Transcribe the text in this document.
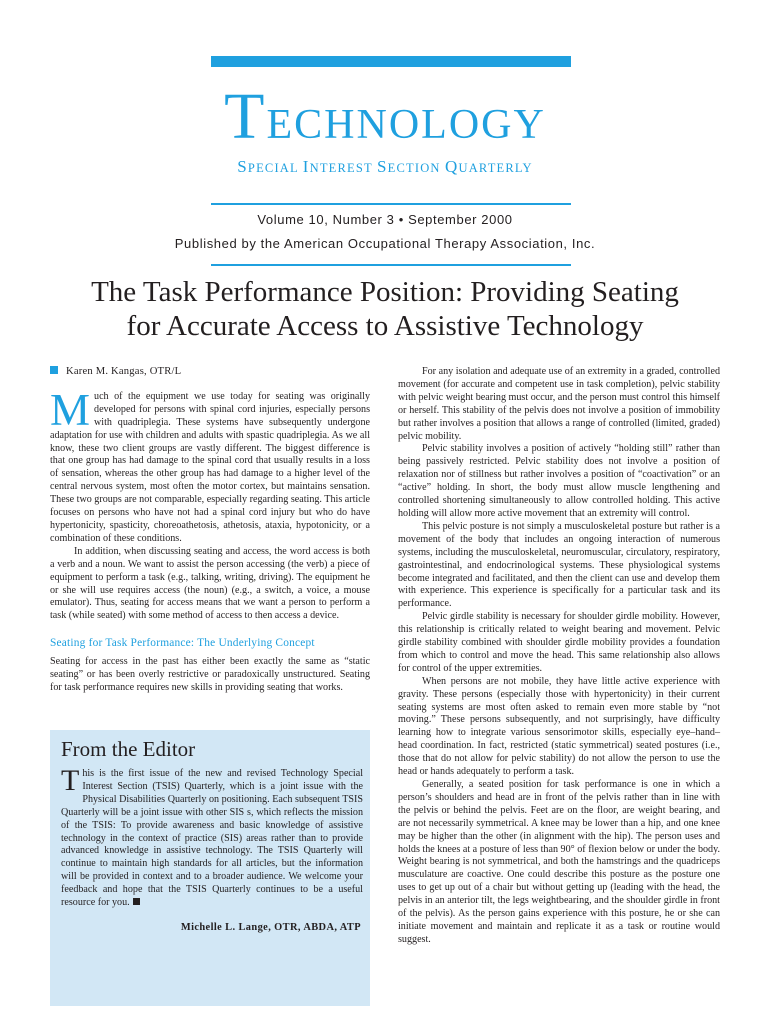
TECHNOLOGY
SPECIAL INTEREST SECTION QUARTERLY
Volume 10, Number 3 • September 2000
Published by the American Occupational Therapy Association, Inc.
The Task Performance Position: Providing Seating
for Accurate Access to Assistive Technology
Karen M. Kangas, OTR/L

Much of the equipment we use today for seating was originally developed for persons with spinal cord injuries, especially persons with quadriplegia. These systems have subsequently undergone adaptation for use with children and adults with spastic quadriplegia. As we all know, these two client groups are vastly different. The biggest difference is that one group has had damage to the spinal cord that usually results in a loss of sensation, whereas the other group has had damage to a higher level of the central nervous system, most often the motor cortex, but maintains sensation. These two groups are not comparable, especially regarding seating. This article focuses on persons who have not had a spinal cord injury but who do have hypertonicity, spasticity, choreoathetosis, athetosis, ataxia, hypotonicity, or a combination of these conditions.

In addition, when discussing seating and access, the word access is both a verb and a noun. We want to assist the person accessing (the verb) a piece of equipment to perform a task (e.g., talking, writing, driving). The equipment he or she will use requires access (the noun) (e.g., a switch, a voice, a mouse emulator). Thus, seating for access means that we want a person to perform a task (while seated) with some method of access to then access a device.

Seating for Task Performance: The Underlying Concept

Seating for access in the past has either been exactly the same as “static seating” or has been overly restrictive or paradoxically unstructured. Seating for task performance requires new skills in providing seating that works.

From the Editor

This is the first issue of the new and revised Technology Special Interest Section (TSIS) Quarterly, which is a joint issue with the Physical Disabilities Quarterly on positioning. Each subsequent TSIS Quarterly will be a joint issue with other SIS s, which reflects the mission of the TSIS: To provide awareness and basic knowledge of assistive technology in the context of practice (SIS) areas rather than to provide advanced knowledge in assistive technology. The TSIS Quarterly will continue to maintain high standards for all articles, but the information will be provided in context and to a broader audience. We welcome your feedback and hope that the TSIS Quarterly continues to be a useful resource for you.

Michelle L. Lange, OTR, ABDA, ATP

For any isolation and adequate use of an extremity in a graded, controlled movement (for accurate and competent use in task completion), pelvic stability with pelvic weight bearing must occur, and the person must control this himself or herself. This stability of the pelvis does not involve a position of immobility but rather involves a position that allows a range of controlled (limited, graded) pelvic mobility.

Pelvic stability involves a position of actively “holding still” rather than being passively restricted. Pelvic stability does not involve a position of relaxation nor of stillness but rather involves a position of “coactivation” or an “active” holding. In short, the body must allow muscle lengthening and controlled shortening simultaneously to allow controlled holding. This active holding will allow more active movement that an extremity will control.

This pelvic posture is not simply a musculoskeletal posture but rather is a movement of the body that includes an ongoing interaction of numerous systems, including the musculoskeletal, neuromuscular, circulatory, respiratory, gastrointestinal, and endocrinological systems. These physiological systems become integrated and facilitated, and then the client can use and develop them with experience. This experience is specifically for a particular task and its performance.

Pelvic girdle stability is necessary for shoulder girdle mobility. However, this relationship is critically related to weight bearing and movement. Pelvic girdle stability combined with shoulder girdle mobility provides a foundation from which to control and move the head. This same relationship also allows for control of the upper extremities.

When persons are not mobile, they have little active experience with gravity. These persons (especially those with hypertonicity) in their current seating systems are most often asked to remain even more stable by “not moving.” These persons subsequently, and not surprisingly, have difficulty learning how to integrate various sensorimotor skills, especially eye–hand–head coordination. In fact, restricted (static symmetrical) seated postures (i.e., those that do not allow for pelvic stability) do not allow the person to use the head or hands adequately to perform a task.

Generally, a seated position for task performance is one in which a person’s shoulders and head are in front of the pelvis rather than in line with the pelvis or behind the pelvis. Feet are on the floor, are weight bearing, and are not necessarily symmetrical. A knee may be lower than a hip, and one knee may be higher than the other (in alignment with the hip). The person uses and holds the knees at a posture of less than 90° of flexion below or under the body. Weight bearing is not symmetrical, and both the hamstrings and the quadriceps musculature are coactive. One could describe this posture as the posture one uses to get up out of a chair but without getting up (leading with the head, the pelvis in an anterior tilt, the legs weightbearing, and the shoulder girdle in front of the pelvis). As the person gains experience with this posture, he or she can initiate movement and maintain and replicate it as a task or routine would suggest.
